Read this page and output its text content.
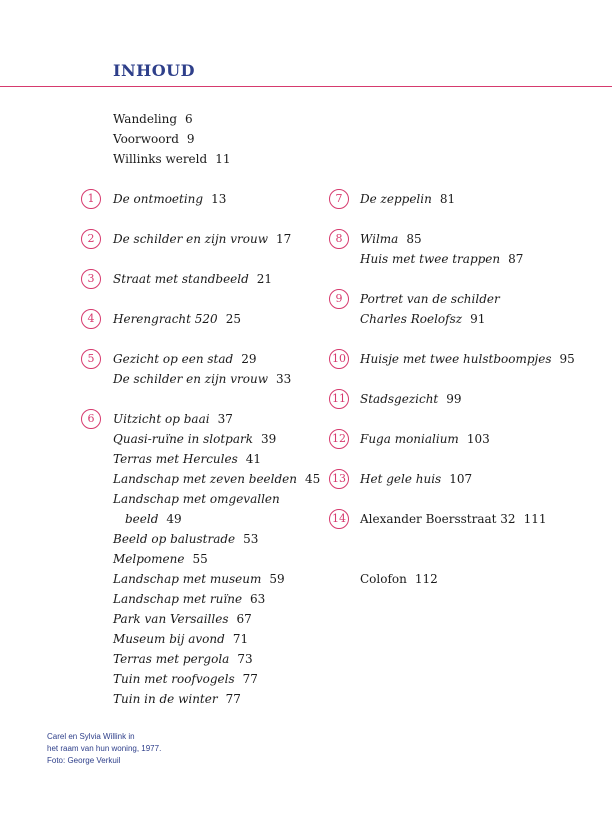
INHOUD
Wandeling 6
Voorwoord 9
Willinks wereld 11
1	De ontmoeting 13
2	De schilder en zijn vrouw 17
3	Straat met standbeeld 21
4	Herengracht 520 25
5	Gezicht op een stad 29
De schilder en zijn vrouw 33
6	Uitzicht op baai 37
Quasi-ruïne in slotpark 39
Terras met Hercules 41
Landschap met zeven beelden 45
Landschap met omgevallen
beeld 49
Beeld op balustrade 53
Melpomene 55
Landschap met museum 59
Landschap met ruïne 63
Park van Versailles 67
Museum bij avond 71
Terras met pergola 73
Tuin met roofvogels 77
Tuin in de winter 77
7	De zeppelin 81
8	Wilma 85
Huis met twee trappen 87
9	Portret van de schilder
Charles Roelofsz 91
10 Huisje met twee hulstboompjes 95
11 Stadsgezicht 99
12 Fuga monialium 103
13 Het gele huis 107
14 Alexander Boersstraat 32 111
Colofon 112
Carel en Sylvia Willink in
het raam van hun woning, 1977.
Foto: George Verkuil
